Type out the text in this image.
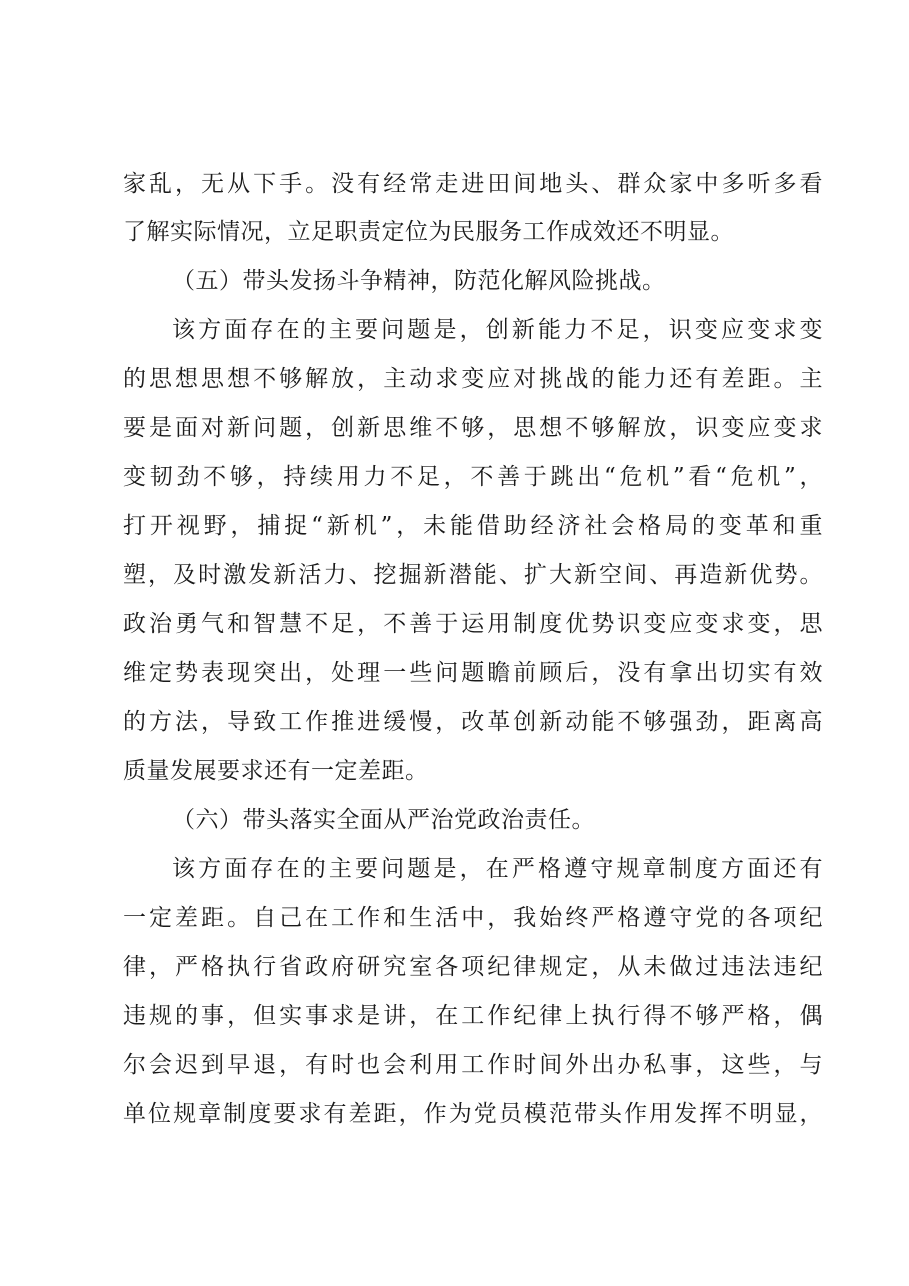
家乱，无从下手。没有经常走进田间地头、群众家中多听多看

了解实际情况，立足职责定位为民服务工作成效还不明显。

（五）带头发扬斗争精神，防范化解风险挑战。

该方面存在的主要问题是，创新能力不足，识变应变求变

的思想思想不够解放，主动求变应对挑战的能力还有差距。主

要是面对新问题，创新思维不够，思想不够解放，识变应变求

变韧劲不够，持续用力不足，不善于跳出“危机”看“危机”，

打开视野，捕捉“新机”，未能借助经济社会格局的变革和重

塑，及时激发新活力、挖掘新潜能、扩大新空间、再造新优势。

政治勇气和智慧不足，不善于运用制度优势识变应变求变，思

维定势表现突出，处理一些问题瞻前顾后，没有拿出切实有效

的方法，导致工作推进缓慢，改革创新动能不够强劲，距离高

质量发展要求还有一定差距。

（六）带头落实全面从严治党政治责任。

该方面存在的主要问题是，在严格遵守规章制度方面还有

一定差距。自己在工作和生活中，我始终严格遵守党的各项纪

律，严格执行省政府研究室各项纪律规定，从未做过违法违纪

违规的事，但实事求是讲，在工作纪律上执行得不够严格，偶

尔会迟到早退，有时也会利用工作时间外出办私事，这些，与

单位规章制度要求有差距，作为党员模范带头作用发挥不明显，
